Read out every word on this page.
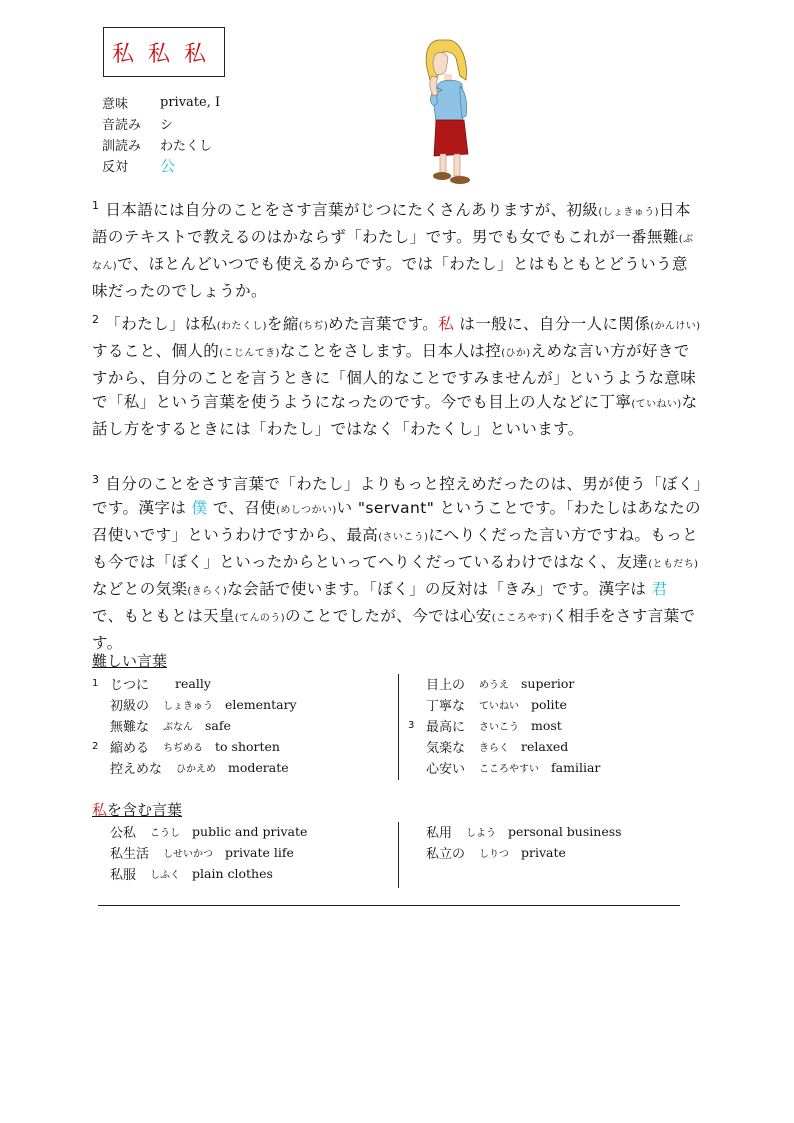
私 私 私
意味	private, I
音読み	シ
訓読み	わたくし
反対	公

$^1$ 日本語には自分のことをさす言葉がじつにたくさんありますが、初級(しょきゅう)日本語のテキストで教えるのはかならず「わたし」です。男でも女でもこれが一番無難(ぶなん)で、ほとんどいつでも使えるからです。では「わたし」とはもともとどういう意味だったのでしょうか。

$^2$ 「わたし」は私(わたくし)を縮(ちぢ)めた言葉です。私 は一般に、自分一人に関係(かんけい)すること、個人的(こじんてき)なことをさします。日本人は控(ひか)えめな言い方が好きですから、自分のことを言うときに「個人的なことですみませんが」というような意味で「私」という言葉を使うようになったのです。今でも目上の人などに丁寧(ていねい)な話し方をするときには「わたし」ではなく「わたくし」といいます。

$^3$ 自分のことをさす言葉で「わたし」よりもっと控えめだったのは、男が使う「ぼく」です。漢字は 僕 で、召使(めしつかい)い "servant" ということです。「わたしはあなたの召使いです」というわけですから、最高(さいこう)にへりくだった言い方ですね。もっとも今では「ぼく」といったからといってへりくだっているわけではなく、友達(ともだち)などとの気楽(きらく)な会話で使います。「ぼく」の反対は「きみ」です。漢字は 君 で、もともとは天皇(てんのう)のことでしたが、今では心安(こころやす)く相手をさす言葉です。

難しい言葉
1 じつに really
初級の しょきゅう elementary
無難な ぶなん safe
2 縮める ちぢめる to shorten
控えめな ひかえめ moderate
目上の めうえ superior
丁寧な ていねい polite
3 最高に さいこう most
気楽な きらく relaxed
心安い こころやすい familiar
私を含む言葉
公私 こうし public and private
私生活 しせいかつ private life
私服 しふく plain clothes
私用 しよう personal business
私立の しりつ private
